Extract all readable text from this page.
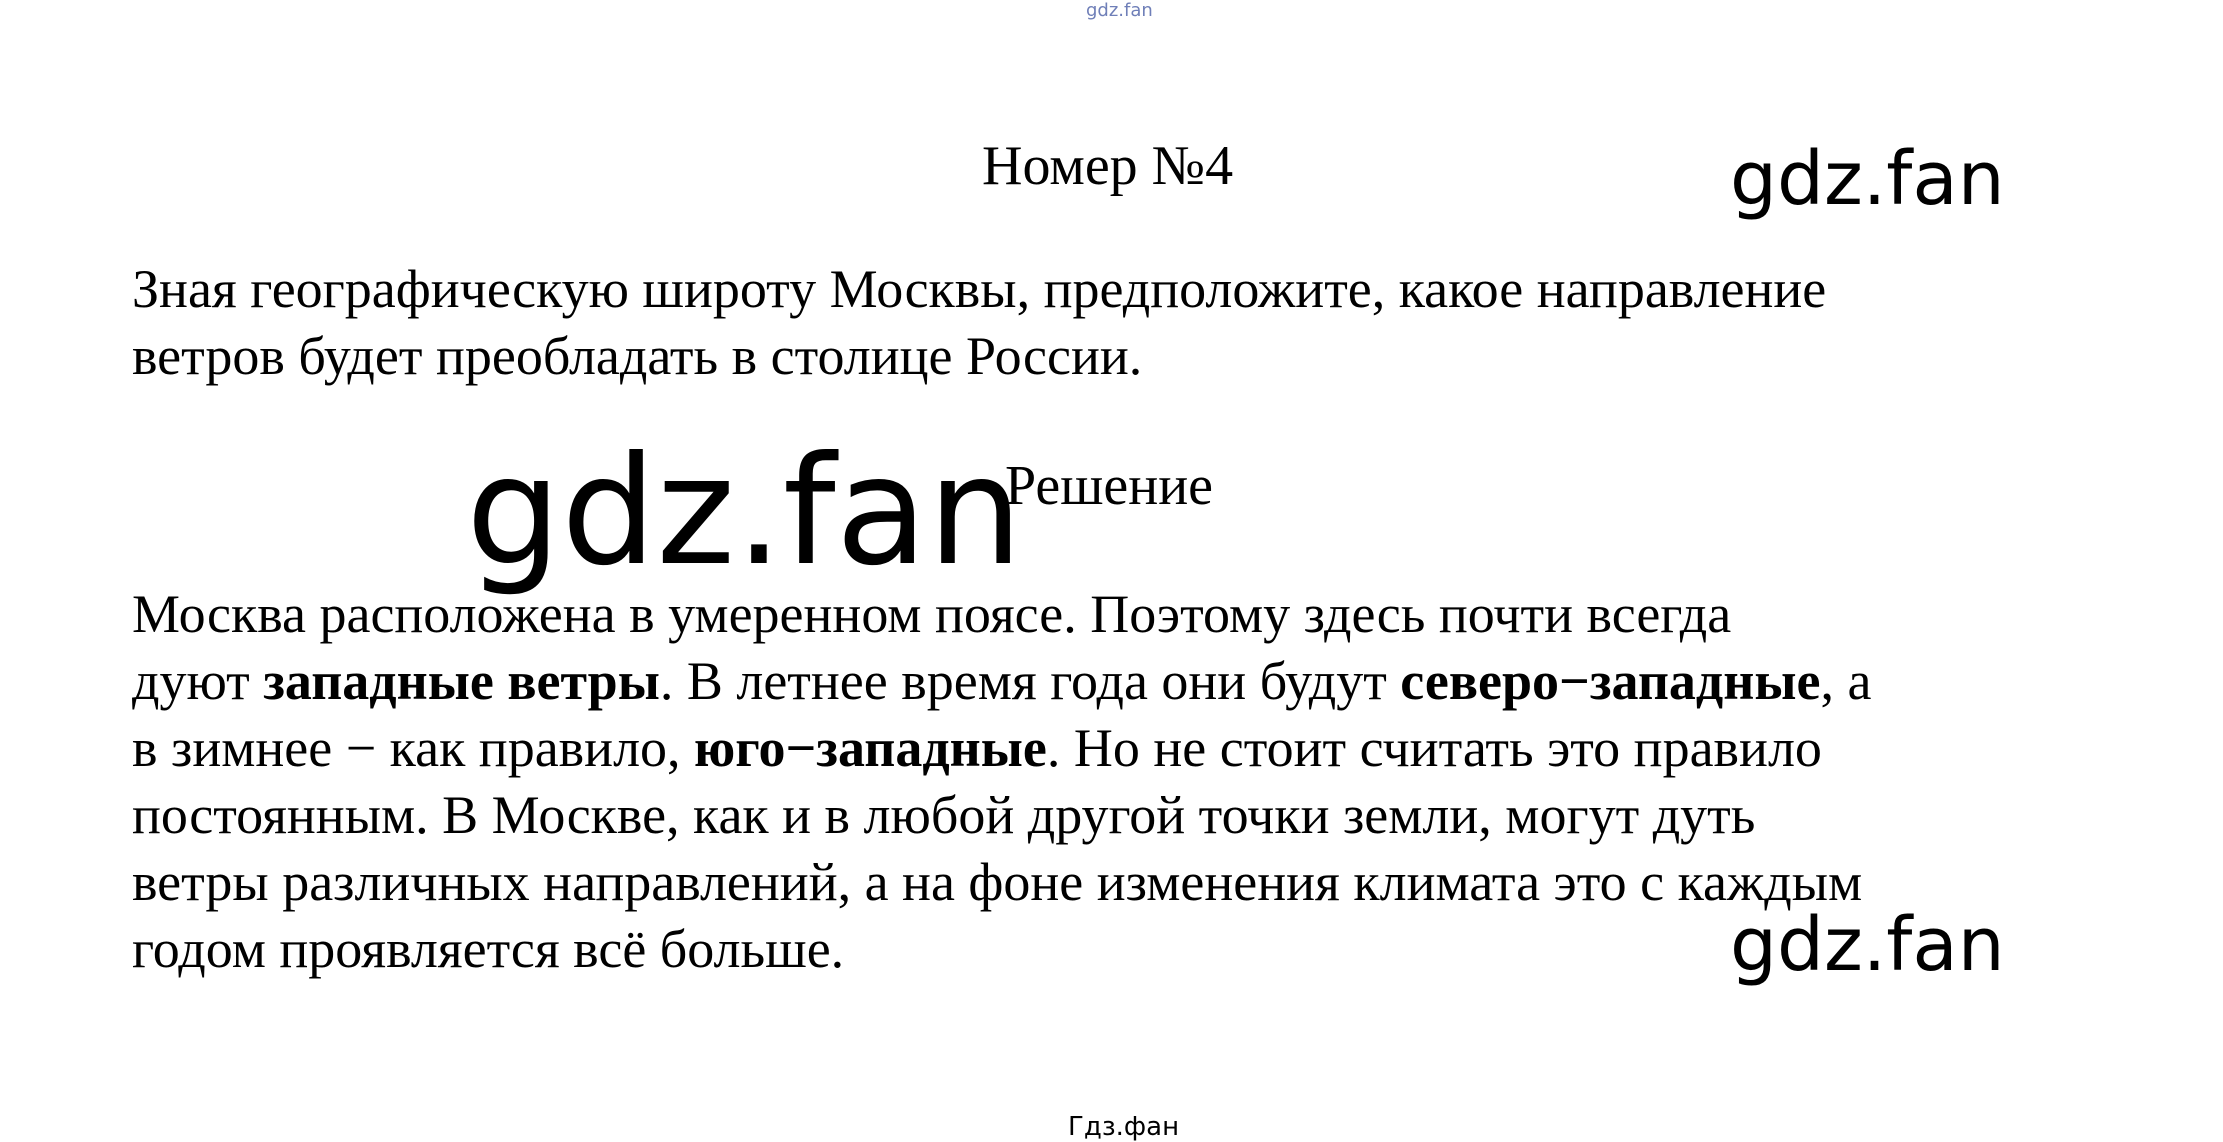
gdz.fan
Номер №4	gdz.fan
Зная географическую широту Москвы, предположите, какое направление
ветров будет преобладать в столице России.
gdz.fan
Решение
Москва расположена в умеренном поясе. Поэтому здесь почти всегда
дуют западные ветры. В летнее время года они будут северо−западные, а
в зимнее − как правило, юго−западные. Но не стоит считать это правило
постоянным. В Москве, как и в любой другой точки земли, могут дуть
ветры различных направлений, а на фоне изменения климата это с каждым
годом проявляется всё больше.	gdz.fan
Гдз.фан
